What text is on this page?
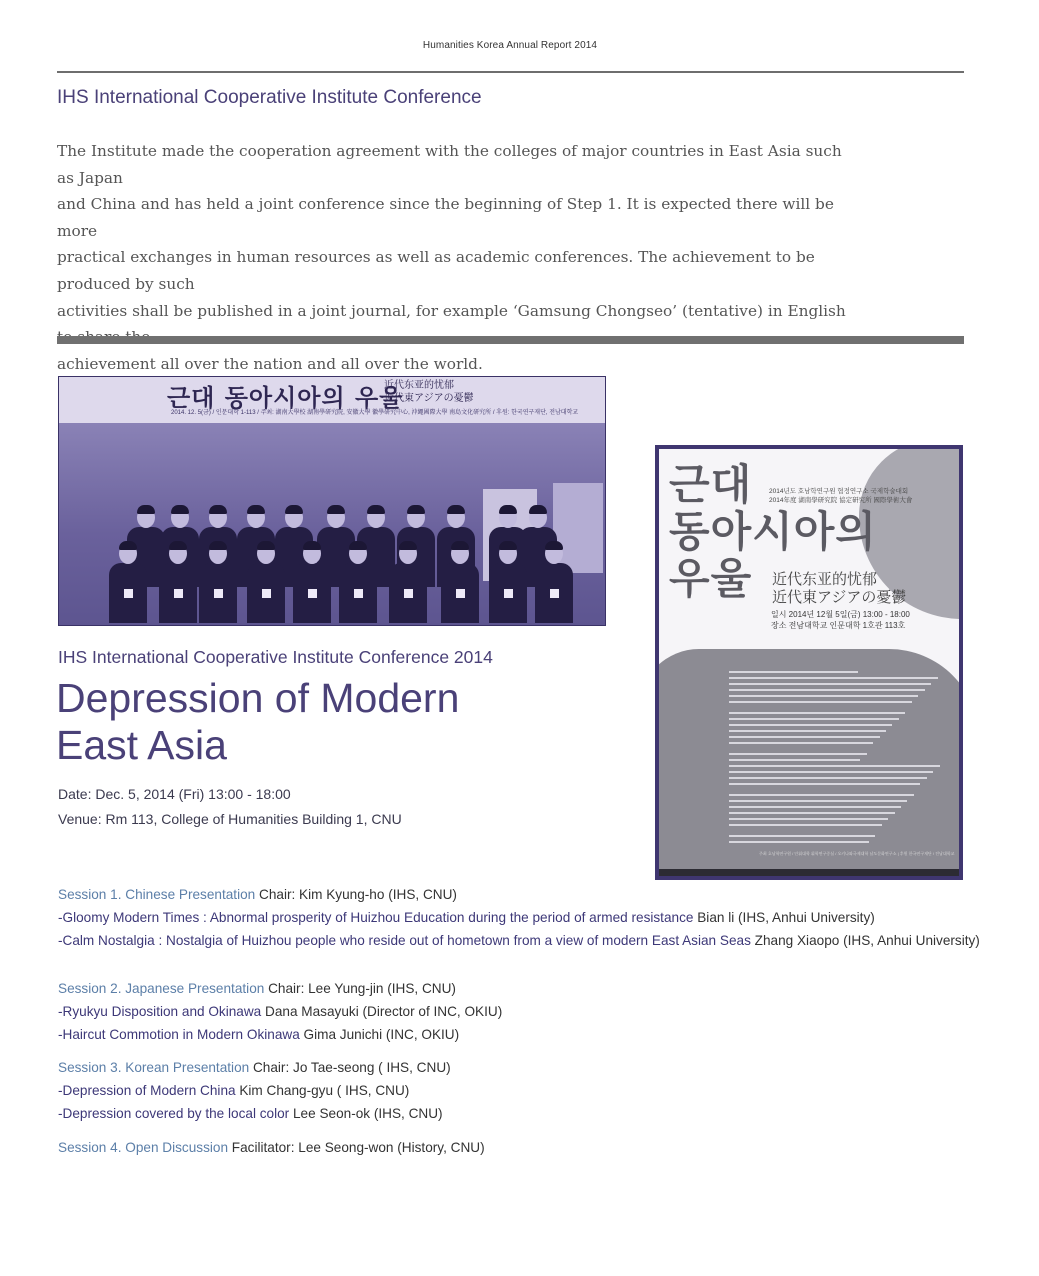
Humanities Korea Annual Report 2014
IHS International Cooperative Institute Conference
The Institute made the cooperation agreement with the colleges of major countries in East Asia such as Japan
and China and has held a joint conference since the beginning of Step 1. It is expected there will be more
practical exchanges in human resources as well as academic conferences. The achievement to be produced by such
activities shall be published in a joint journal, for example ‘Gamsung Chongseo’ (tentative) in English
achievement all over the nation and all over the world.
근대 동아시아의 우울
近代东亚的忧郁
近代東アジアの憂鬱
2014. 12. 5(금) / 인문대학 1-113 / 주최: 湖南大學校 湖南學研究院, 安徽大學 徽學研究中心, 沖繩國際大學 南島文化研究所 / 후원: 한국연구재단, 전남대학교
IHS International Cooperative Institute Conference 2014
Depression of Modern
East Asia
Date: Dec. 5, 2014 (Fri) 13:00 - 18:00
Venue: Rm 113, College of Humanities Building 1, CNU
근대
동아시아의
우울
2014년도 호남학연구원 협정연구소 국제학술대회
2014年度 湖南學研究院 協定研究所 國際學術大會
近代东亚的忧郁
近代東アジアの憂鬱
일시 2014년 12월 5일(금) 13:00 - 18:00
장소 전남대학교 인문대학 1호관 113호
주최 호남학연구원 / 안휘대학 휘학연구중심 / 오키나와국제대학 남도문화연구소 | 후원 한국연구재단 / 전남대학교
Session 1. Chinese Presentation Chair: Kim Kyung-ho (IHS, CNU)
-Gloomy Modern Times : Abnormal prosperity of Huizhou Education during the period of armed resistance Bian li (IHS, Anhui University)
-Calm Nostalgia : Nostalgia of Huizhou people who reside out of hometown from a view of modern East Asian Seas Zhang Xiaopo (IHS, Anhui University)
Session 2. Japanese Presentation Chair: Lee Yung-jin (IHS, CNU)
-Ryukyu Disposition and Okinawa Dana Masayuki (Director of INC, OKIU)
-Haircut Commotion in Modern Okinawa Gima Junichi (INC, OKIU)
Session 3. Korean Presentation Chair: Jo Tae-seong ( IHS, CNU)
-Depression of Modern China Kim Chang-gyu ( IHS, CNU)
-Depression covered by the local color Lee Seon-ok (IHS, CNU)
Session 4. Open Discussion Facilitator: Lee Seong-won (History, CNU)
